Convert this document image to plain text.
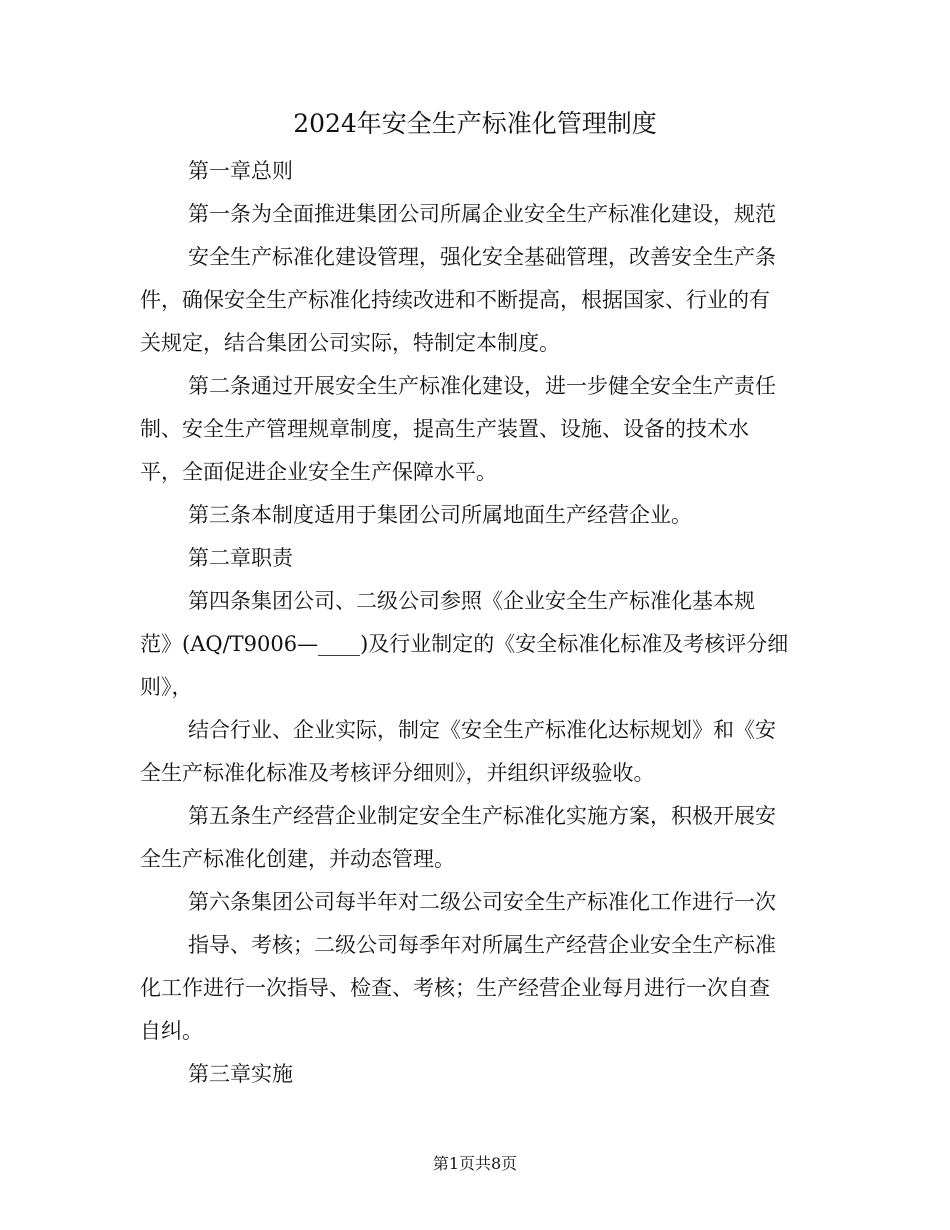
2024年安全生产标准化管理制度
第一章总则
第一条为全面推进集团公司所属企业安全生产标准化建设，规范
安全生产标准化建设管理，强化安全基础管理，改善安全生产条
件，确保安全生产标准化持续改进和不断提高，根据国家、行业的有
关规定，结合集团公司实际，特制定本制度。
第二条通过开展安全生产标准化建设，进一步健全安全生产责任
制、安全生产管理规章制度，提高生产装置、设施、设备的技术水
平，全面促进企业安全生产保障水平。
第三条本制度适用于集团公司所属地面生产经营企业。
第二章职责
第四条集团公司、二级公司参照《企业安全生产标准化基本规
范》(AQ/T9006—____)及行业制定的《安全标准化标准及考核评分细
则》，
结合行业、企业实际，制定《安全生产标准化达标规划》和《安
全生产标准化标准及考核评分细则》，并组织评级验收。
第五条生产经营企业制定安全生产标准化实施方案，积极开展安
全生产标准化创建，并动态管理。
第六条集团公司每半年对二级公司安全生产标准化工作进行一次
指导、考核；二级公司每季年对所属生产经营企业安全生产标准
化工作进行一次指导、检查、考核；生产经营企业每月进行一次自查
自纠。
第三章实施
第1页共8页
